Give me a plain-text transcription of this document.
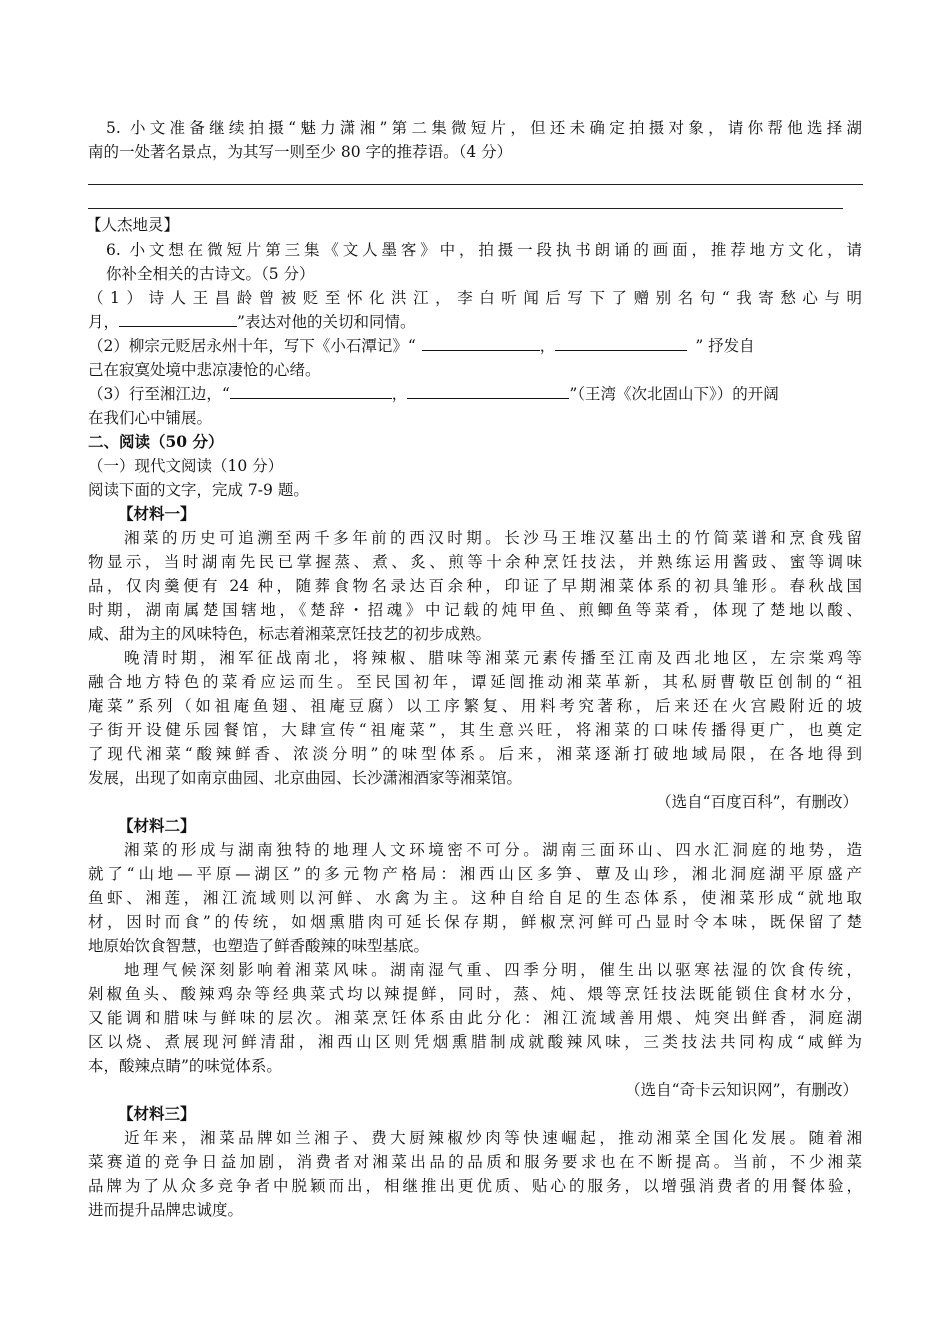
5. 小文准备继续拍摄“魅力潇湘”第二集微短片，但还未确定拍摄对象，请你帮他选择湖
南的一处著名景点，为其写一则至少 80 字的推荐语。（4 分）
【人杰地灵】
6. 小文想在微短片第三集《文人墨客》中，拍摄一段执书朗诵的画面，推荐地方文化，请
你补全相关的古诗文。（5 分）
（1）诗人王昌龄曾被贬至怀化洪江，李白听闻后写下了赠别名句“我寄愁心与明
月，	”表达对他的关切和同情。
（2）柳宗元贬居永州十年，写下《小石潭记》“	，	” 抒发自
己在寂寞处境中悲凉凄怆的心绪。
（3）行至湘江边，“	，	”（王湾《次北固山下》）的开阔
在我们心中铺展。
二、阅读（50 分）
（一）现代文阅读（10 分）
阅读下面的文字，完成 7-9 题。
【材料一】
湘菜的历史可追溯至两千多年前的西汉时期。长沙马王堆汉墓出土的竹简菜谱和烹食残留
物显示，当时湖南先民已掌握蒸、煮、炙、煎等十余种烹饪技法，并熟练运用酱豉、蜜等调味
品，仅肉羹便有 24 种，随葬食物名录达百余种，印证了早期湘菜体系的初具雏形。春秋战国
时期，湖南属楚国辖地，《楚辞・招魂》中记载的炖甲鱼、煎鲫鱼等菜肴，体现了楚地以酸、
咸、甜为主的风味特色，标志着湘菜烹饪技艺的初步成熟。
晚清时期，湘军征战南北，将辣椒、腊味等湘菜元素传播至江南及西北地区，左宗棠鸡等
融合地方特色的菜肴应运而生。至民国初年，谭延闿推动湘菜革新，其私厨曹敬臣创制的“祖
庵菜”系列（如祖庵鱼翅、祖庵豆腐）以工序繁复、用料考究著称，后来还在火宫殿附近的坡
子街开设健乐园餐馆，大肆宣传“祖庵菜”，其生意兴旺，将湘菜的口味传播得更广，也奠定
了现代湘菜“酸辣鲜香、浓淡分明”的味型体系。后来，湘菜逐渐打破地域局限，在各地得到
发展，出现了如南京曲园、北京曲园、长沙潇湘酒家等湘菜馆。
（选自“百度百科”，有删改）
【材料二】
湘菜的形成与湖南独特的地理人文环境密不可分。湖南三面环山、四水汇洞庭的地势，造
就了“山地—平原—湖区”的多元物产格局：湘西山区多笋、蕈及山珍，湘北洞庭湖平原盛产
鱼虾、湘莲，湘江流域则以河鲜、水禽为主。这种自给自足的生态体系，使湘菜形成“就地取
材，因时而食”的传统，如烟熏腊肉可延长保存期，鲜椒烹河鲜可凸显时令本味，既保留了楚
地原始饮食智慧，也塑造了鲜香酸辣的味型基底。
地理气候深刻影响着湘菜风味。湖南湿气重、四季分明，催生出以驱寒祛湿的饮食传统，
剁椒鱼头、酸辣鸡杂等经典菜式均以辣提鲜，同时，蒸、炖、煨等烹饪技法既能锁住食材水分，
又能调和腊味与鲜味的层次。湘菜烹饪体系由此分化：湘江流域善用煨、炖突出鲜香，洞庭湖
区以烧、煮展现河鲜清甜，湘西山区则凭烟熏腊制成就酸辣风味，三类技法共同构成“咸鲜为
本，酸辣点睛”的味觉体系。
（选自“奇卡云知识网”，有删改）
【材料三】
近年来，湘菜品牌如兰湘子、费大厨辣椒炒肉等快速崛起，推动湘菜全国化发展。随着湘
菜赛道的竞争日益加剧，消费者对湘菜出品的品质和服务要求也在不断提高。当前，不少湘菜
品牌为了从众多竞争者中脱颖而出，相继推出更优质、贴心的服务，以增强消费者的用餐体验，
进而提升品牌忠诚度。
